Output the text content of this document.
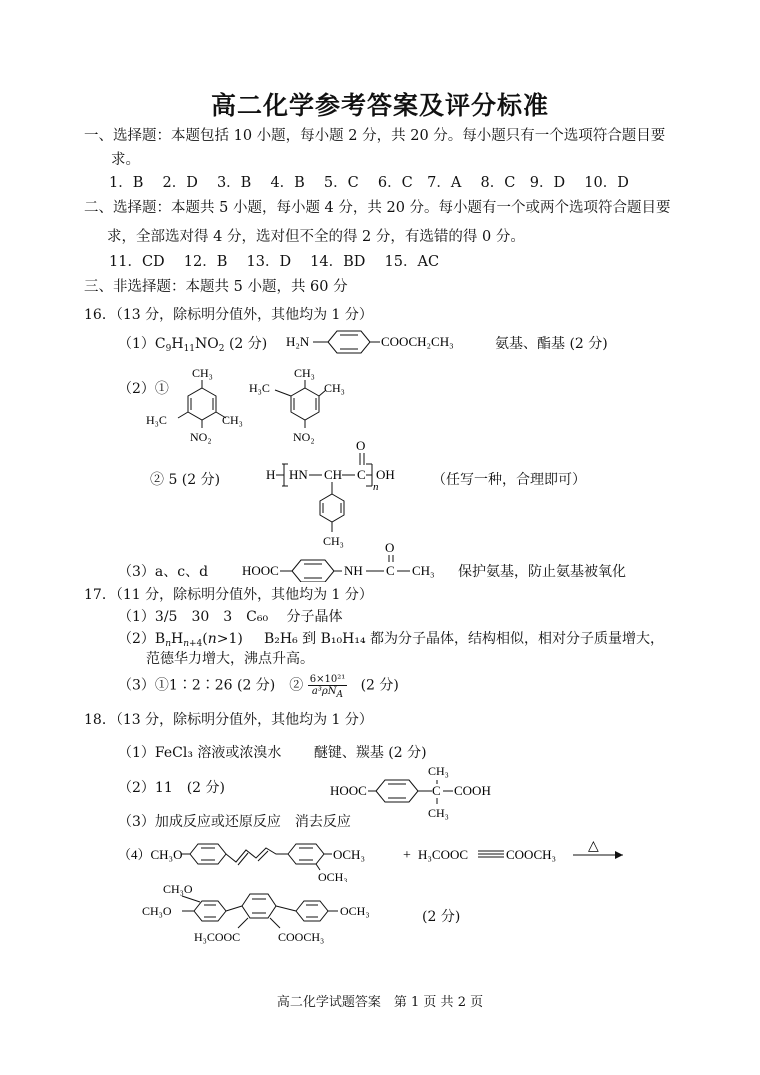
高二化学参考答案及评分标准
一、选择题：本题包括 10 小题，每小题 2 分，共 20 分。每小题只有一个选项符合题目要
求。
1．B　 2．D　 3．B　 4．B　 5．C　 6．C　7．A　 8．C　9．D　 10．D
二、选择题：本题共 5 小题，每小题 4 分，共 20 分。每小题有一个或两个选项符合题目要
求，全部选对得 4 分，选对但不全的得 2 分，有选错的得 0 分。
11．CD　 12．B　 13．D　 14．BD　 15．AC
三、非选择题：本题共 5 小题，共 60 分
16．（13 分，除标明分值外，其他均为 1 分）
$(1)C_9H_{11}NO_2$ (2 分) H₂N	COOCH₂CH₃	氨基、酯基 (2 分)
（2）①
CH₃
H₃C	CH₃
NO₂
H₃C
CH₃
CH₃
NO₂
② 5 (2 分)	H HN CH C
O
n
OH
CH₃
（任写一种，合理即可）
（3）a、c、d	HOOC	NH C
O
CH₃ 保护氨基，防止氨基被氧化
17．（11 分，除标明分值外，其他均为 1 分）
（1）3/5　30　3　C₆₀　 分子晶体
$(2)B_nH_{n+4}(n>1)$ B₂H₆ 到 B₁₀H₁₄ 都为分子晶体，结构相似，相对分子质量增大，
范德华力增大，沸点升高。
（3）①1∶2∶26 (2 分)　② $\frac{\text{6×10²¹}}{a^3\rho N_A} (2$ 分)
18．（13 分，除标明分值外，其他均为 1 分）
（1）FeCl₃ 溶液或浓溴水　　 醚键、羰基 (2 分)
（2）11　(2 分)	HOOC	C
CH₃
CH₃
COOH
（3）加成反应或还原反应　消去反应
（4）CH₃O	OCH₃
OCH₃
+ H₃COOC	COOCH₃
△
CH₃O
CH₃O	OCH₃
H₃COOC	COOCH₃
(2 分)
高二化学试题答案　第 1 页 共 2 页
